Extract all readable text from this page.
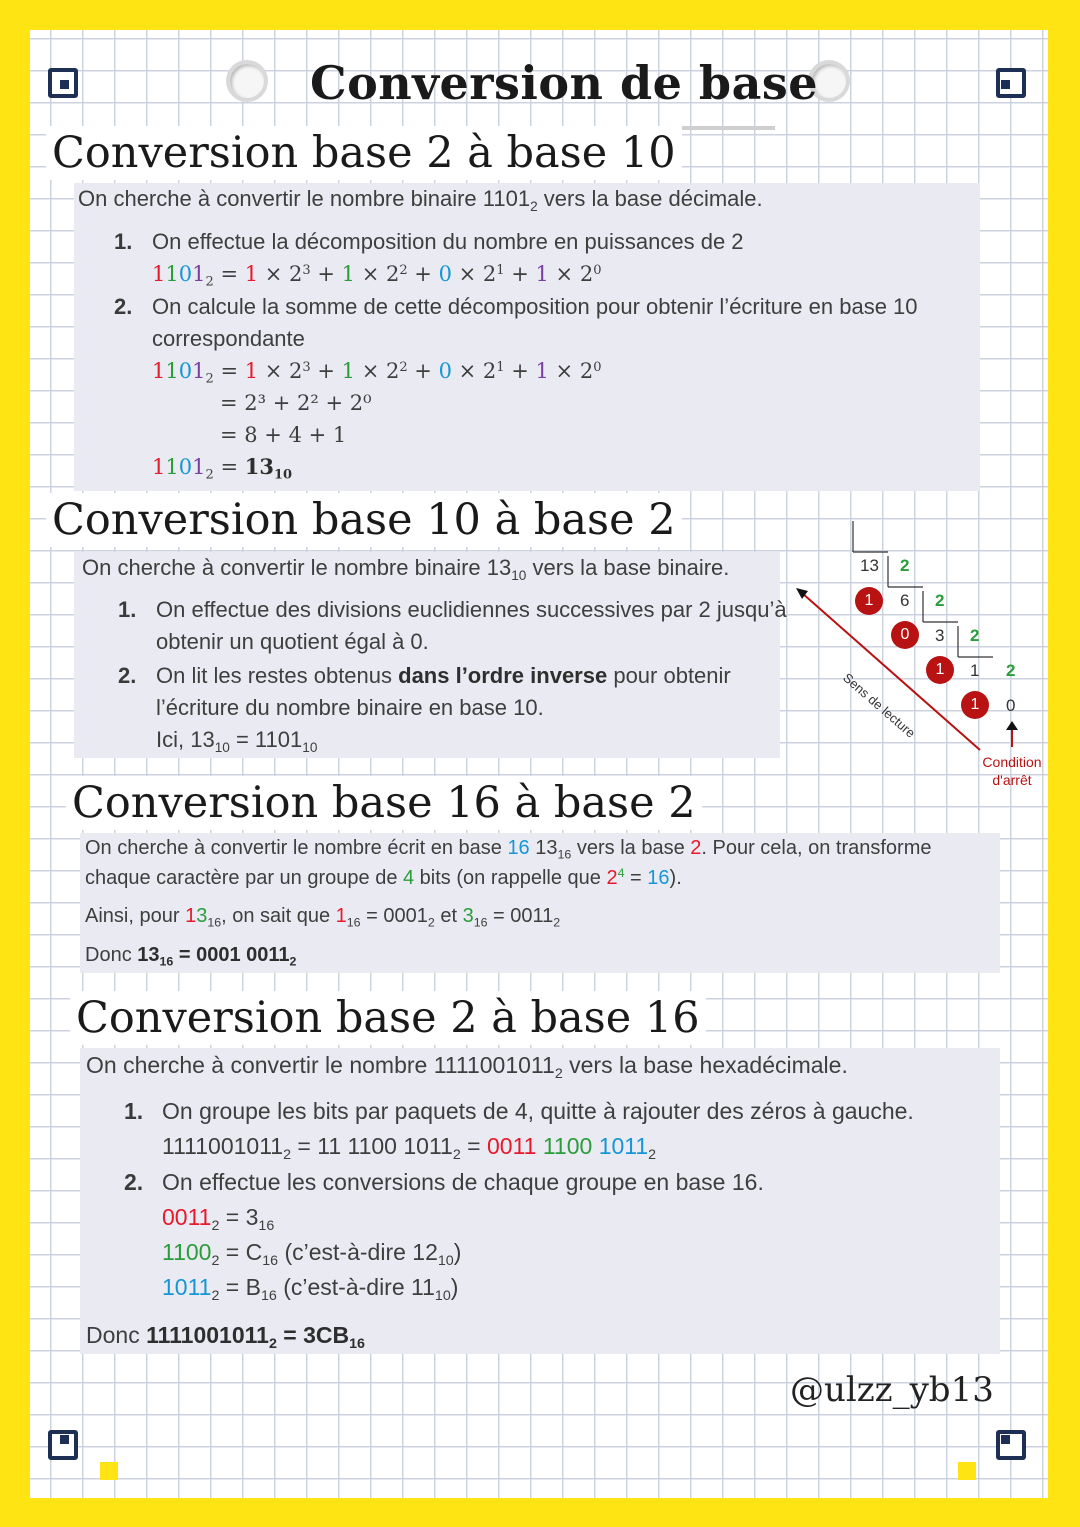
Conversion de base
Conversion base 2 à base 10

On cherche à convertir le nombre binaire $1101_2$ vers la base décimale.

1. On effectue la décomposition du nombre en puissances de 2
$1101_2 = 1 \times 2^3 + 1 \times 2^2 + 0 \times 2^1 + 1 \times 2^0$
2. On calcule la somme de cette décomposition pour obtenir l’écriture en base 10 correspondante
$1101_2 = 1 \times 2^3 + 1 \times 2^2 + 0 \times 2^1 + 1 \times 2^0$
= 2³ + 2² + 2⁰
= 8 + 4 + 1
$1101_2 = 13_{10}$
Conversion base 10 à base 2

On cherche à convertir le nombre binaire $13_{10}$ vers la base binaire.

1. On effectue des divisions euclidiennes successives par 2 jusqu’à obtenir un quotient égal à 0.
2. On lit les restes obtenus dans l’ordre inverse pour obtenir l’écriture du nombre binaire en base 10.
Ici, $13_{10} = 1101_{10}$
13
6
3
1
0
2
2
2
2
1
0
1
1
Sens de lecture
Condition
d'arrêt
Conversion base 16 à base 2

On cherche à convertir le nombre écrit en base 16 $13_{16}$ vers la base 2. Pour cela, on transforme chaque caractère par un groupe de 4 bits (on rappelle que $2^4 = 16$).

Ainsi, pour $13_{16}$, on sait que $1_{16} = 0001_2$ et $3_{16} = 0011_2$

Donc $13_{16} = 0001$ $0011_2$

Conversion base 2 à base 16

On cherche à convertir le nombre $1111001011_2$ vers la base hexadécimale.

1. On groupe les bits par paquets de 4, quitte à rajouter des zéros à gauche.
$1111001011_2 = 11$ 1100 $1011_2 = 0011$ 1100 $1011_2$
2. On effectue les conversions de chaque groupe en base 16.
$0011_2 = 3_{16}$
$1100_2 = C_{16}$ (c’est-à-dire $12_{10}$)
$1011_2 = B_{16}$ (c’est-à-dire $11_{10}$)

Donc $1111001011_2 = 3CB_{16}$

@ulzz_yb13
